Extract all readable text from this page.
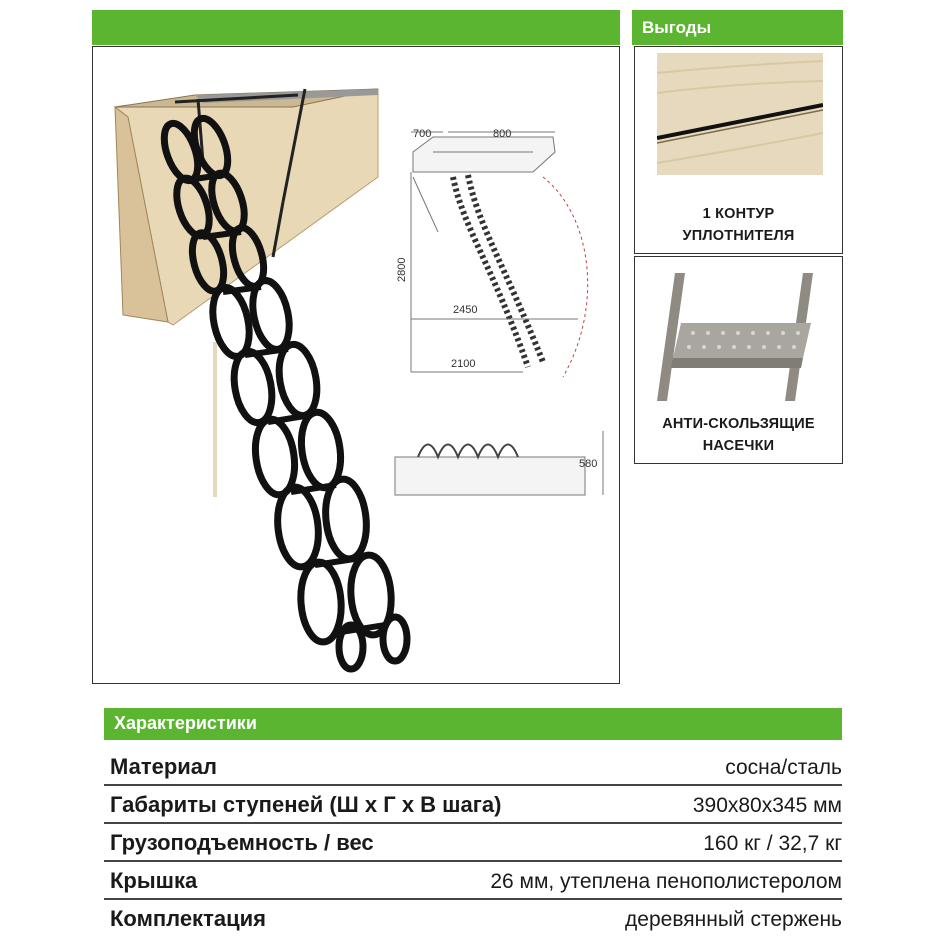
Выгоды
700	800
2800
2450
2100
580
1 КОНТУР
УПЛОТНИТЕЛЯ
АНТИ-СКОЛЬЗЯЩИЕ
НАСЕЧКИ
Характеристики
Материал	сосна/сталь
Габариты ступеней (Ш х Г х В шага)	390х80х345 мм
Грузоподъемность / вес	160 кг / 32,7 кг
Крышка	26 мм, утеплена пенополистеролом
Комплектация	деревянный стержень
